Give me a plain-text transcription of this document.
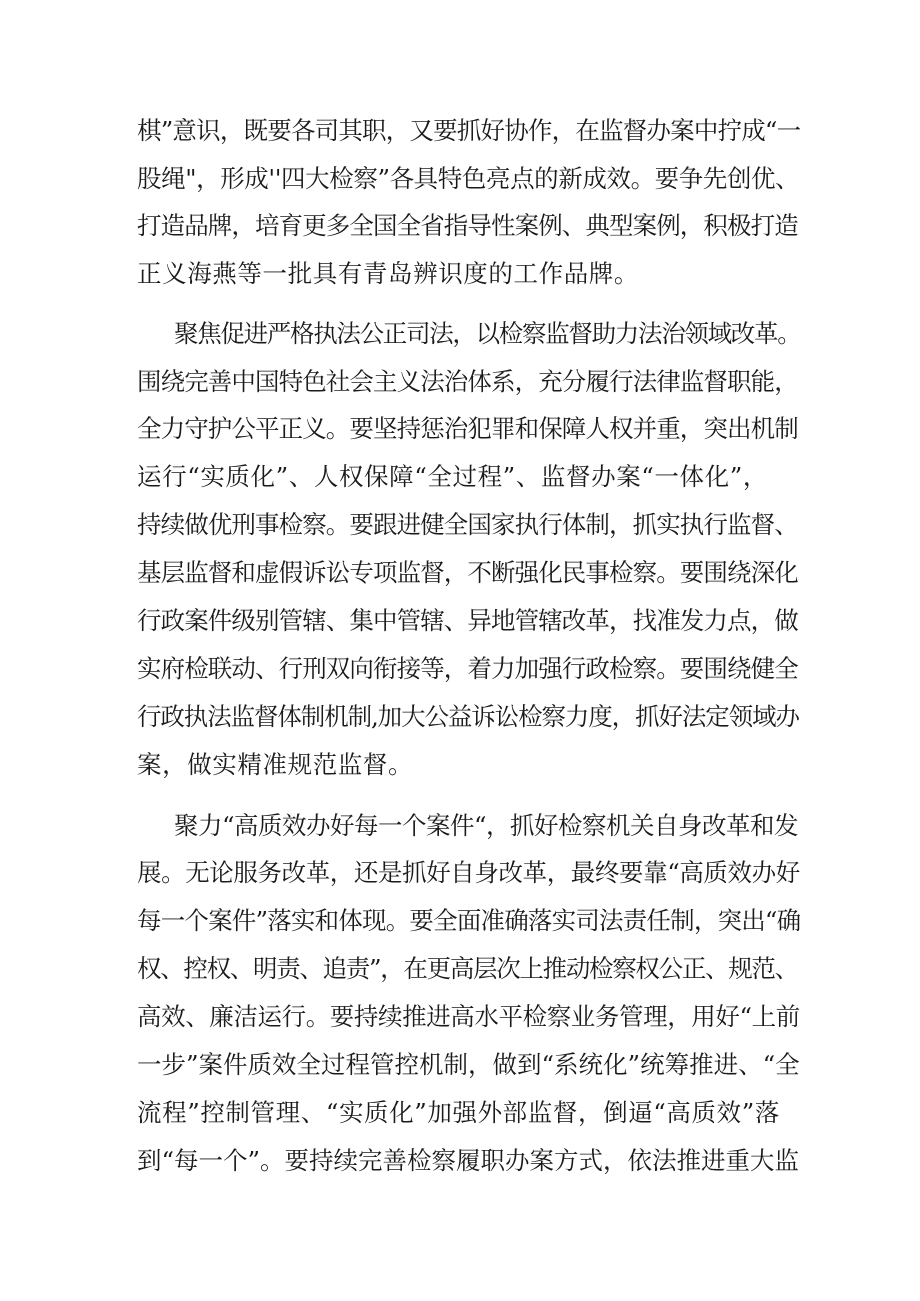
棋”意识，既要各司其职，又要抓好协作，在监督办案中拧成“一
股绳"，形成''四大检察”各具特色亮点的新成效。要争先创优、
打造品牌，培育更多全国全省指导性案例、典型案例，积极打造
正义海燕等一批具有青岛辨识度的工作品牌。
聚焦促进严格执法公正司法，以检察监督助力法治领域改革。
围绕完善中国特色社会主义法治体系，充分履行法律监督职能，
全力守护公平正义。要坚持惩治犯罪和保障人权并重，突出机制
运行“实质化”、人权保障“全过程”、监督办案“一体化”，
持续做优刑事检察。要跟进健全国家执行体制，抓实执行监督、
基层监督和虚假诉讼专项监督，不断强化民事检察。要围绕深化
行政案件级别管辖、集中管辖、异地管辖改革，找准发力点，做
实府检联动、行刑双向衔接等，着力加强行政检察。要围绕健全
行政执法监督体制机制,加大公益诉讼检察力度，抓好法定领域办
案，做实精准规范监督。
聚力“高质效办好每一个案件“，抓好检察机关自身改革和发
展。无论服务改革，还是抓好自身改革，最终要靠“高质效办好
每一个案件”落实和体现。要全面准确落实司法责任制，突出“确
权、控权、明责、追责”，在更高层次上推动检察权公正、规范、
高效、廉洁运行。要持续推进高水平检察业务管理，用好“上前
一步”案件质效全过程管控机制，做到“系统化”统筹推进、“全
流程”控制管理、“实质化”加强外部监督，倒逼“高质效”落
到“每一个”。要持续完善检察履职办案方式，依法推进重大监
